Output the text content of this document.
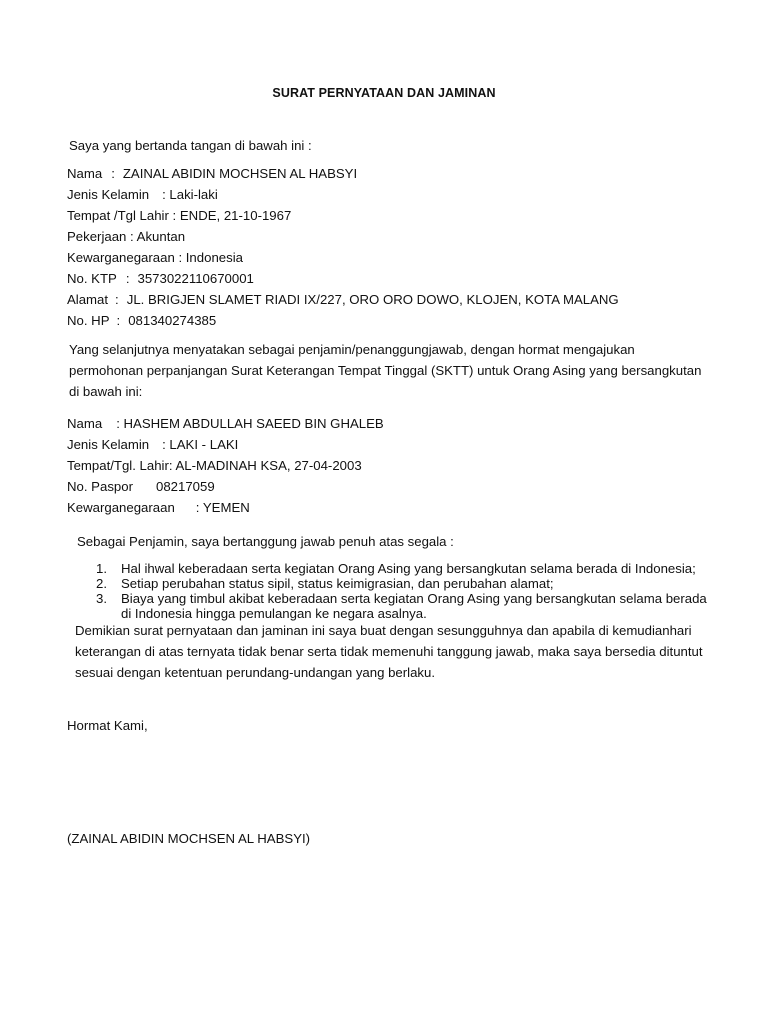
SURAT PERNYATAAN DAN JAMINAN
Saya yang bertanda tangan di bawah ini :
Nama : ZAINAL ABIDIN MOCHSEN AL HABSYI
Jenis Kelamin : Laki-laki
Tempat /Tgl Lahir : ENDE, 21-10-1967
Pekerjaan : Akuntan
Kewarganegaraan : Indonesia
No. KTP : 3573022110670001
Alamat : JL. BRIGJEN SLAMET RIADI IX/227, ORO ORO DOWO, KLOJEN, KOTA MALANG
No. HP : 081340274385
Yang selanjutnya menyatakan sebagai penjamin/penanggungjawab, dengan hormat mengajukan
permohonan perpanjangan Surat Keterangan Tempat Tinggal (SKTT) untuk Orang Asing yang bersangkutan
di bawah ini:
Nama : HASHEM ABDULLAH SAEED BIN GHALEB
Jenis Kelamin : LAKI - LAKI
Tempat/Tgl. Lahir: AL-MADINAH KSA, 27-04-2003
No. Paspor 08217059
Kewarganegaraan : YEMEN
Sebagai Penjamin, saya bertanggung jawab penuh atas segala :
1. Hal ihwal keberadaan serta kegiatan Orang Asing yang bersangkutan selama berada di Indonesia;
2. Setiap perubahan status sipil, status keimigrasian, dan perubahan alamat;
3. Biaya yang timbul akibat keberadaan serta kegiatan Orang Asing yang bersangkutan selama berada
di Indonesia hingga pemulangan ke negara asalnya.
Demikian surat pernyataan dan jaminan ini saya buat dengan sesungguhnya dan apabila di kemudianhari
keterangan di atas ternyata tidak benar serta tidak memenuhi tanggung jawab, maka saya bersedia dituntut
sesuai dengan ketentuan perundang-undangan yang berlaku.
Hormat Kami,
(ZAINAL ABIDIN MOCHSEN AL HABSYI)
